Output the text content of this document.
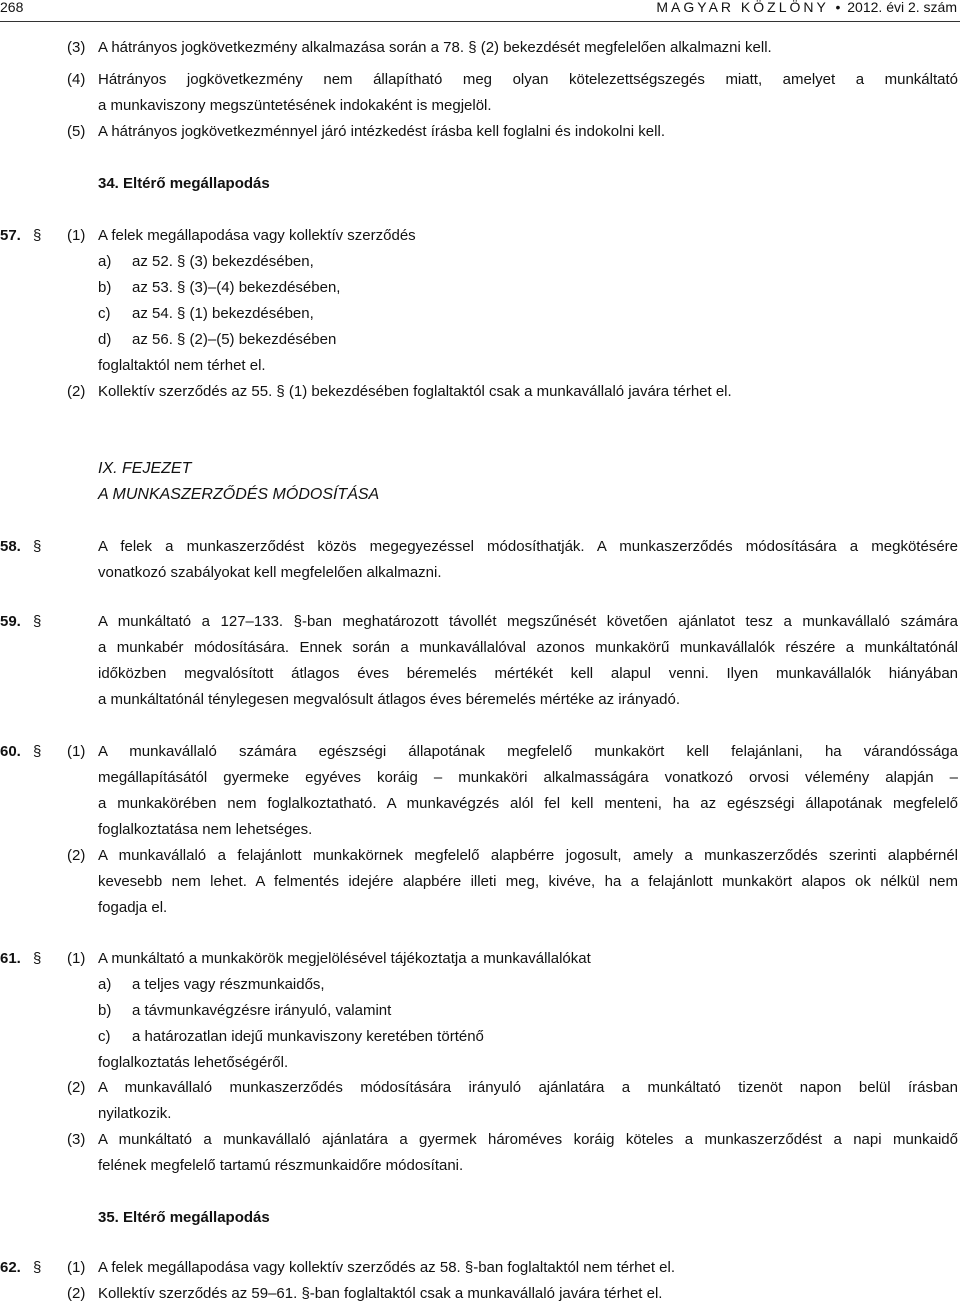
268	MAGYAR KÖZLÖNY • 2012. évi 2. szám
(3) A hátrányos jogkövetkezmény alkalmazása során a 78. § (2) bekezdését megfelelően alkalmazni kell.
(4) Hátrányos jogkövetkezmény nem állapítható meg olyan kötelezettségszegés miatt, amelyet a munkáltató
a munkaviszony megszüntetésének indokaként is megjelöl.
(5) A hátrányos jogkövetkezménnyel járó intézkedést írásba kell foglalni és indokolni kell.
34. Eltérő megállapodás
57. § (1) A felek megállapodása vagy kollektív szerződés
a) az 52. § (3) bekezdésében,
b) az 53. § (3)–(4) bekezdésében,
c) az 54. § (1) bekezdésében,
d) az 56. § (2)–(5) bekezdésében
foglaltaktól nem térhet el.
(2) Kollektív szerződés az 55. § (1) bekezdésében foglaltaktól csak a munkavállaló javára térhet el.
IX. FEJEZET
A MUNKASZERZŐDÉS MÓDOSÍTÁSA
58. §	A felek a munkaszerződést közös megegyezéssel módosíthatják. A munkaszerződés módosítására a megkötésére
vonatkozó szabályokat kell megfelelően alkalmazni.
59. §	A munkáltató a 127–133. §-ban meghatározott távollét megszűnését követően ajánlatot tesz a munkavállaló számára
a munkabér módosítására. Ennek során a munkavállalóval azonos munkakörű munkavállalók részére a munkáltatónál
időközben megvalósított átlagos éves béremelés mértékét kell alapul venni. Ilyen munkavállalók hiányában
a munkáltatónál ténylegesen megvalósult átlagos éves béremelés mértéke az irányadó.
60. § (1) A munkavállaló számára egészségi állapotának megfelelő munkakört kell felajánlani, ha várandóssága
megállapításától gyermeke egyéves koráig – munkaköri alkalmasságára vonatkozó orvosi vélemény alapján –
a munkakörében nem foglalkoztatható. A munkavégzés alól fel kell menteni, ha az egészségi állapotának megfelelő
foglalkoztatása nem lehetséges.
(2) A munkavállaló a felajánlott munkakörnek megfelelő alapbérre jogosult, amely a munkaszerződés szerinti alapbérnél
kevesebb nem lehet. A felmentés idejére alapbére illeti meg, kivéve, ha a felajánlott munkakört alapos ok nélkül nem
fogadja el.
61. § (1) A munkáltató a munkakörök megjelölésével tájékoztatja a munkavállalókat
a) a teljes vagy részmunkaidős,
b) a távmunkavégzésre irányuló, valamint
c) a határozatlan idejű munkaviszony keretében történő
foglalkoztatás lehetőségéről.
(2) A munkavállaló munkaszerződés módosítására irányuló ajánlatára a munkáltató tizenöt napon belül írásban
nyilatkozik.
(3) A munkáltató a munkavállaló ajánlatára a gyermek hároméves koráig köteles a munkaszerződést a napi munkaidő
felének megfelelő tartamú részmunkaidőre módosítani.
35. Eltérő megállapodás
62. § (1) A felek megállapodása vagy kollektív szerződés az 58. §-ban foglaltaktól nem térhet el.
(2) Kollektív szerződés az 59–61. §-ban foglaltaktól csak a munkavállaló javára térhet el.
